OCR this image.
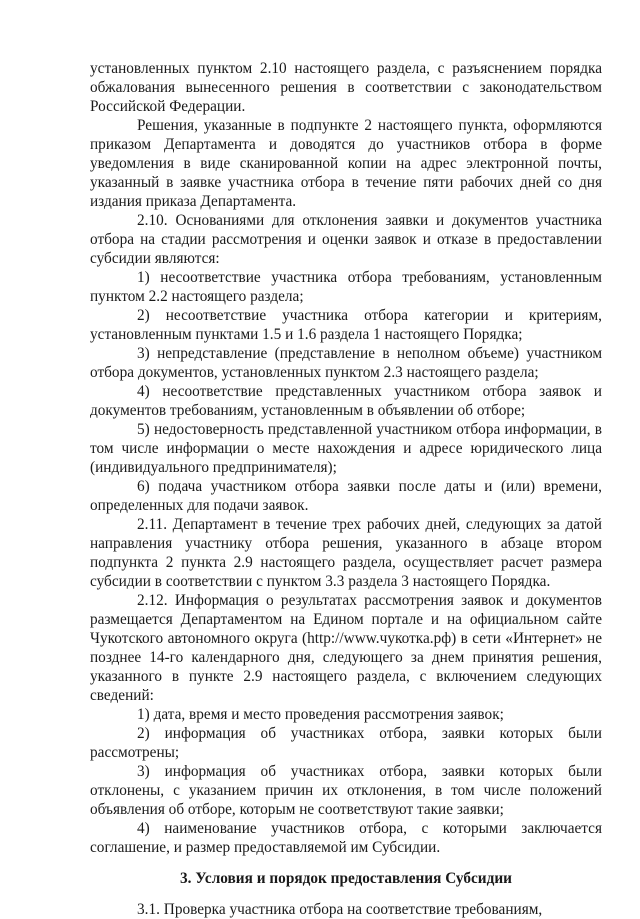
установленных пунктом 2.10 настоящего раздела, с разъяснением порядка обжалования вынесенного решения в соответствии с законодательством Российской Федерации.

Решения, указанные в подпункте 2 настоящего пункта, оформляются приказом Департамента и доводятся до участников отбора в форме уведомления в виде сканированной копии на адрес электронной почты, указанный в заявке участника отбора в течение пяти рабочих дней со дня издания приказа Департамента.

2.10. Основаниями для отклонения заявки и документов участника отбора на стадии рассмотрения и оценки заявок и отказе в предоставлении субсидии являются:

1) несоответствие участника отбора требованиям, установленным пунктом 2.2 настоящего раздела;

2) несоответствие участника отбора категории и критериям, установленным пунктами 1.5 и 1.6 раздела 1 настоящего Порядка;

3) непредставление (представление в неполном объеме) участником отбора документов, установленных пунктом 2.3 настоящего раздела;

4) несоответствие представленных участником отбора заявок и документов требованиям, установленным в объявлении об отборе;

5) недостоверность представленной участником отбора информации, в том числе информации о месте нахождения и адресе юридического лица (индивидуального предпринимателя);

6) подача участником отбора заявки после даты и (или) времени, определенных для подачи заявок.

2.11. Департамент в течение трех рабочих дней, следующих за датой направления участнику отбора решения, указанного в абзаце втором подпункта 2 пункта 2.9 настоящего раздела, осуществляет расчет размера субсидии в соответствии с пунктом 3.3 раздела 3 настоящего Порядка.

2.12. Информация о результатах рассмотрения заявок и документов размещается Департаментом на Едином портале и на официальном сайте Чукотского автономного округа (http://www.чукотка.рф) в сети «Интернет» не позднее 14-го календарного дня, следующего за днем принятия решения, указанного в пункте 2.9 настоящего раздела, с включением следующих сведений:

1) дата, время и место проведения рассмотрения заявок;

2) информация об участниках отбора, заявки которых были рассмотрены;

3) информация об участниках отбора, заявки которых были отклонены, с указанием причин их отклонения, в том числе положений объявления об отборе, которым не соответствуют такие заявки;

4) наименование участников отбора, с которыми заключается соглашение, и размер предоставляемой им Субсидии.

3. Условия и порядок предоставления Субсидии

3.1. Проверка участника отбора на соответствие требованиям,
